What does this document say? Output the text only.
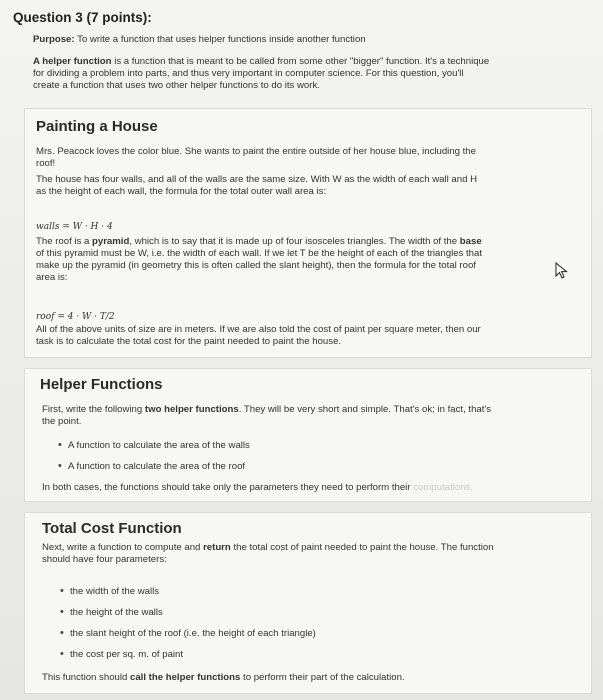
Question 3 (7 points):
Purpose: To write a function that uses helper functions inside another function
A helper function is a function that is meant to be called from some other "bigger" function. It's a technique
for dividing a problem into parts, and thus very important in computer science. For this question, you'll
create a function that uses two other helper functions to do its work.
Painting a House
Mrs. Peacock loves the color blue. She wants to paint the entire outside of her house blue, including the
roof!
The house has four walls, and all of the walls are the same size. With W as the width of each wall and H
as the height of each wall, the formula for the total outer wall area is:
walls = W · H · 4
The roof is a pyramid, which is to say that it is made up of four isosceles triangles. The width of the base
of this pyramid must be W, i.e. the width of each wall. If we let T be the height of each of the triangles that
make up the pyramid (in geometry this is often called the slant height), then the formula for the total roof
area is:
roof = 4 · W · T/2
All of the above units of size are in meters. If we are also told the cost of paint per square meter, then our
task is to calculate the total cost for the paint needed to paint the house.
Helper Functions
First, write the following two helper functions. They will be very short and simple. That's ok; in fact, that's
the point.
• A function to calculate the area of the walls
• A function to calculate the area of the roof
In both cases, the functions should take only the parameters they need to perform their computations.
Total Cost Function
Next, write a function to compute and return the total cost of paint needed to paint the house. The function
should have four parameters:
• the width of the walls
• the height of the walls
• the slant height of the roof (i.e. the height of each triangle)
• the cost per sq. m. of paint
This function should call the helper functions to perform their part of the calculation.
